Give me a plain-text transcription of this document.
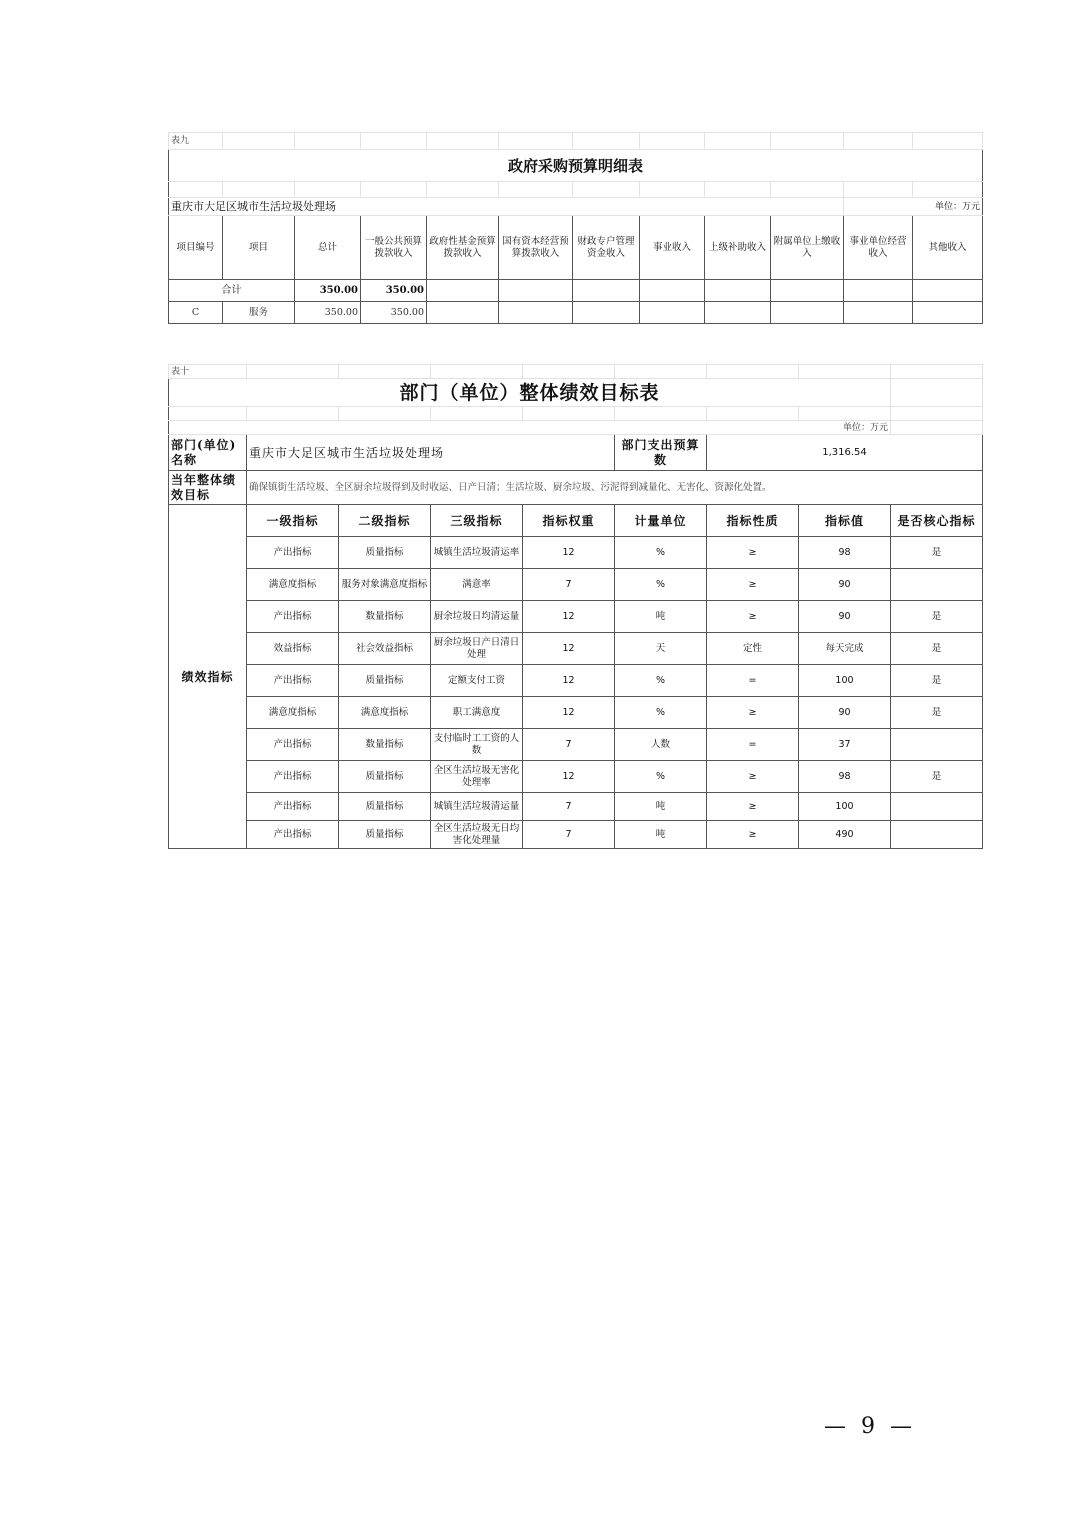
表九											
政府采购预算明细表											

重庆市大足区城市生活垃圾处理场										单位：万元	
项目编号	项目	总计	一般公共预算拨款收入	政府性基金预算拨款收入	国有资本经营预算拨款收入	财政专户管理资金收入	事业收入	上级补助收入	附属单位上缴收入	事业单位经营收入	其他收入
合计		350.00	350.00								
C	服务	350.00	350.00								
表十								
部门（单位）整体绩效目标表								

单位：万元								
部门(单位)名称	重庆市大足区城市生活垃圾处理场				部门支出预算数	1,316.54		
当年整体绩效目标	确保镇街生活垃圾、全区厨余垃圾得到及时收运、日产日清；生活垃圾、厨余垃圾、污泥得到减量化、无害化、资源化处置。							
绩效指标	一级指标	二级指标	三级指标	指标权重	计量单位	指标性质	指标值	是否核心指标
	产出指标	质量指标	城镇生活垃圾清运率	12	%	≥	98	是
	满意度指标	服务对象满意度指标	满意率	7	%	≥	90	
	产出指标	数量指标	厨余垃圾日均清运量	12	吨	≥	90	是
	效益指标	社会效益指标	厨余垃圾日产日清日处理	12	天	定性	每天完成	是
	产出指标	质量指标	定额支付工资	12	%	=	100	是
	满意度指标	满意度指标	职工满意度	12	%	≥	90	是
	产出指标	数量指标	支付临时工工资的人数	7	人数	=	37	
	产出指标	质量指标	全区生活垃圾无害化处理率	12	%	≥	98	是
	产出指标	质量指标	城镇生活垃圾清运量	7	吨	≥	100	
	产出指标	质量指标	全区生活垃圾无日均害化处理量	7	吨	≥	490	
— 9 —
